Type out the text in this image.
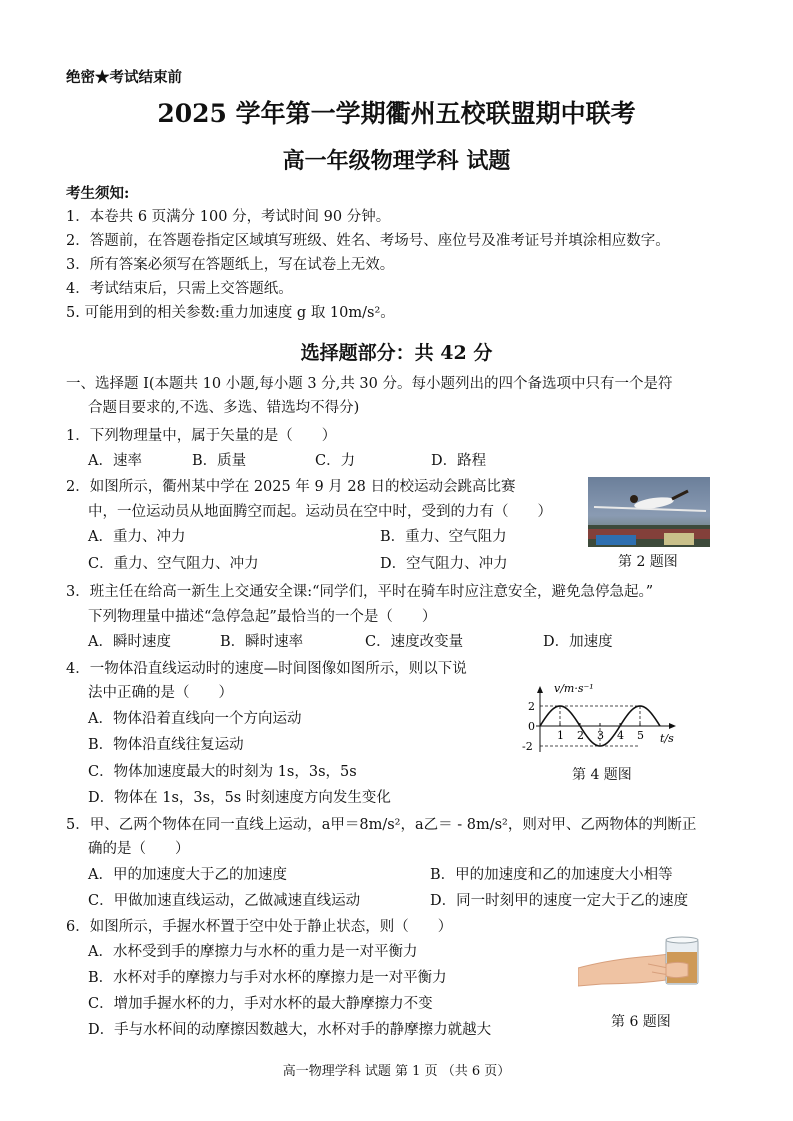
绝密★考试结束前
2025 学年第一学期衢州五校联盟期中联考
高一年级物理学科 试题
考生须知:
1．本卷共 6 页满分 100 分，考试时间 90 分钟。
2．答题前，在答题卷指定区域填写班级、姓名、考场号、座位号及准考证号并填涂相应数字。
3．所有答案必须写在答题纸上，写在试卷上无效。
4．考试结束后，只需上交答题纸。
5. 可能用到的相关参数:重力加速度 g 取 10m/s²。
选择题部分：共 42 分
一、选择题 I(本题共 10 小题,每小题 3 分,共 30 分。每小题列出的四个备选项中只有一个是符
合题目要求的,不选、多选、错选均不得分)
1．下列物理量中，属于矢量的是（　　）
A．速率	B．质量	C．力	D．路程
2．如图所示，衢州某中学在 2025 年 9 月 28 日的校运动会跳高比赛
中，一位运动员从地面腾空而起。运动员在空中时，受到的力有（　　）
A．重力、冲力	B．重力、空气阻力
C．重力、空气阻力、冲力	D．空气阻力、冲力	第 2 题图
3．班主任在给高一新生上交通安全课:“同学们，平时在骑车时应注意安全，避免急停急起。”
下列物理量中描述“急停急起”最恰当的一个是（　　）
A．瞬时速度	B．瞬时速率	C．速度改变量	D．加速度
4．一物体沿直线运动时的速度—时间图像如图所示，则以下说
法中正确的是（　　）
A．物体沿着直线向一个方向运动
B．物体沿直线往复运动
C．物体加速度最大的时刻为 1s，3s，5s
D．物体在 1s，3s，5s 时刻速度方向发生变化
1 2 3 4 5
2
0
-2
v/m·s⁻¹
t/s
第 4 题图
5．甲、乙两个物体在同一直线上运动，a甲＝8m/s²，a乙＝ - 8m/s²，则对甲、乙两物体的判断正
确的是（　　）
A．甲的加速度大于乙的加速度	B．甲的加速度和乙的加速度大小相等
C．甲做加速直线运动，乙做减速直线运动	D．同一时刻甲的速度一定大于乙的速度
6．如图所示，手握水杯置于空中处于静止状态，则（　　）
A．水杯受到手的摩擦力与水杯的重力是一对平衡力
B．水杯对手的摩擦力与手对水杯的摩擦力是一对平衡力
C．增加手握水杯的力，手对水杯的最大静摩擦力不变
D．手与水杯间的动摩擦因数越大，水杯对手的静摩擦力就越大	第 6 题图
高一物理学科 试题 第 1 页 （共 6 页）
